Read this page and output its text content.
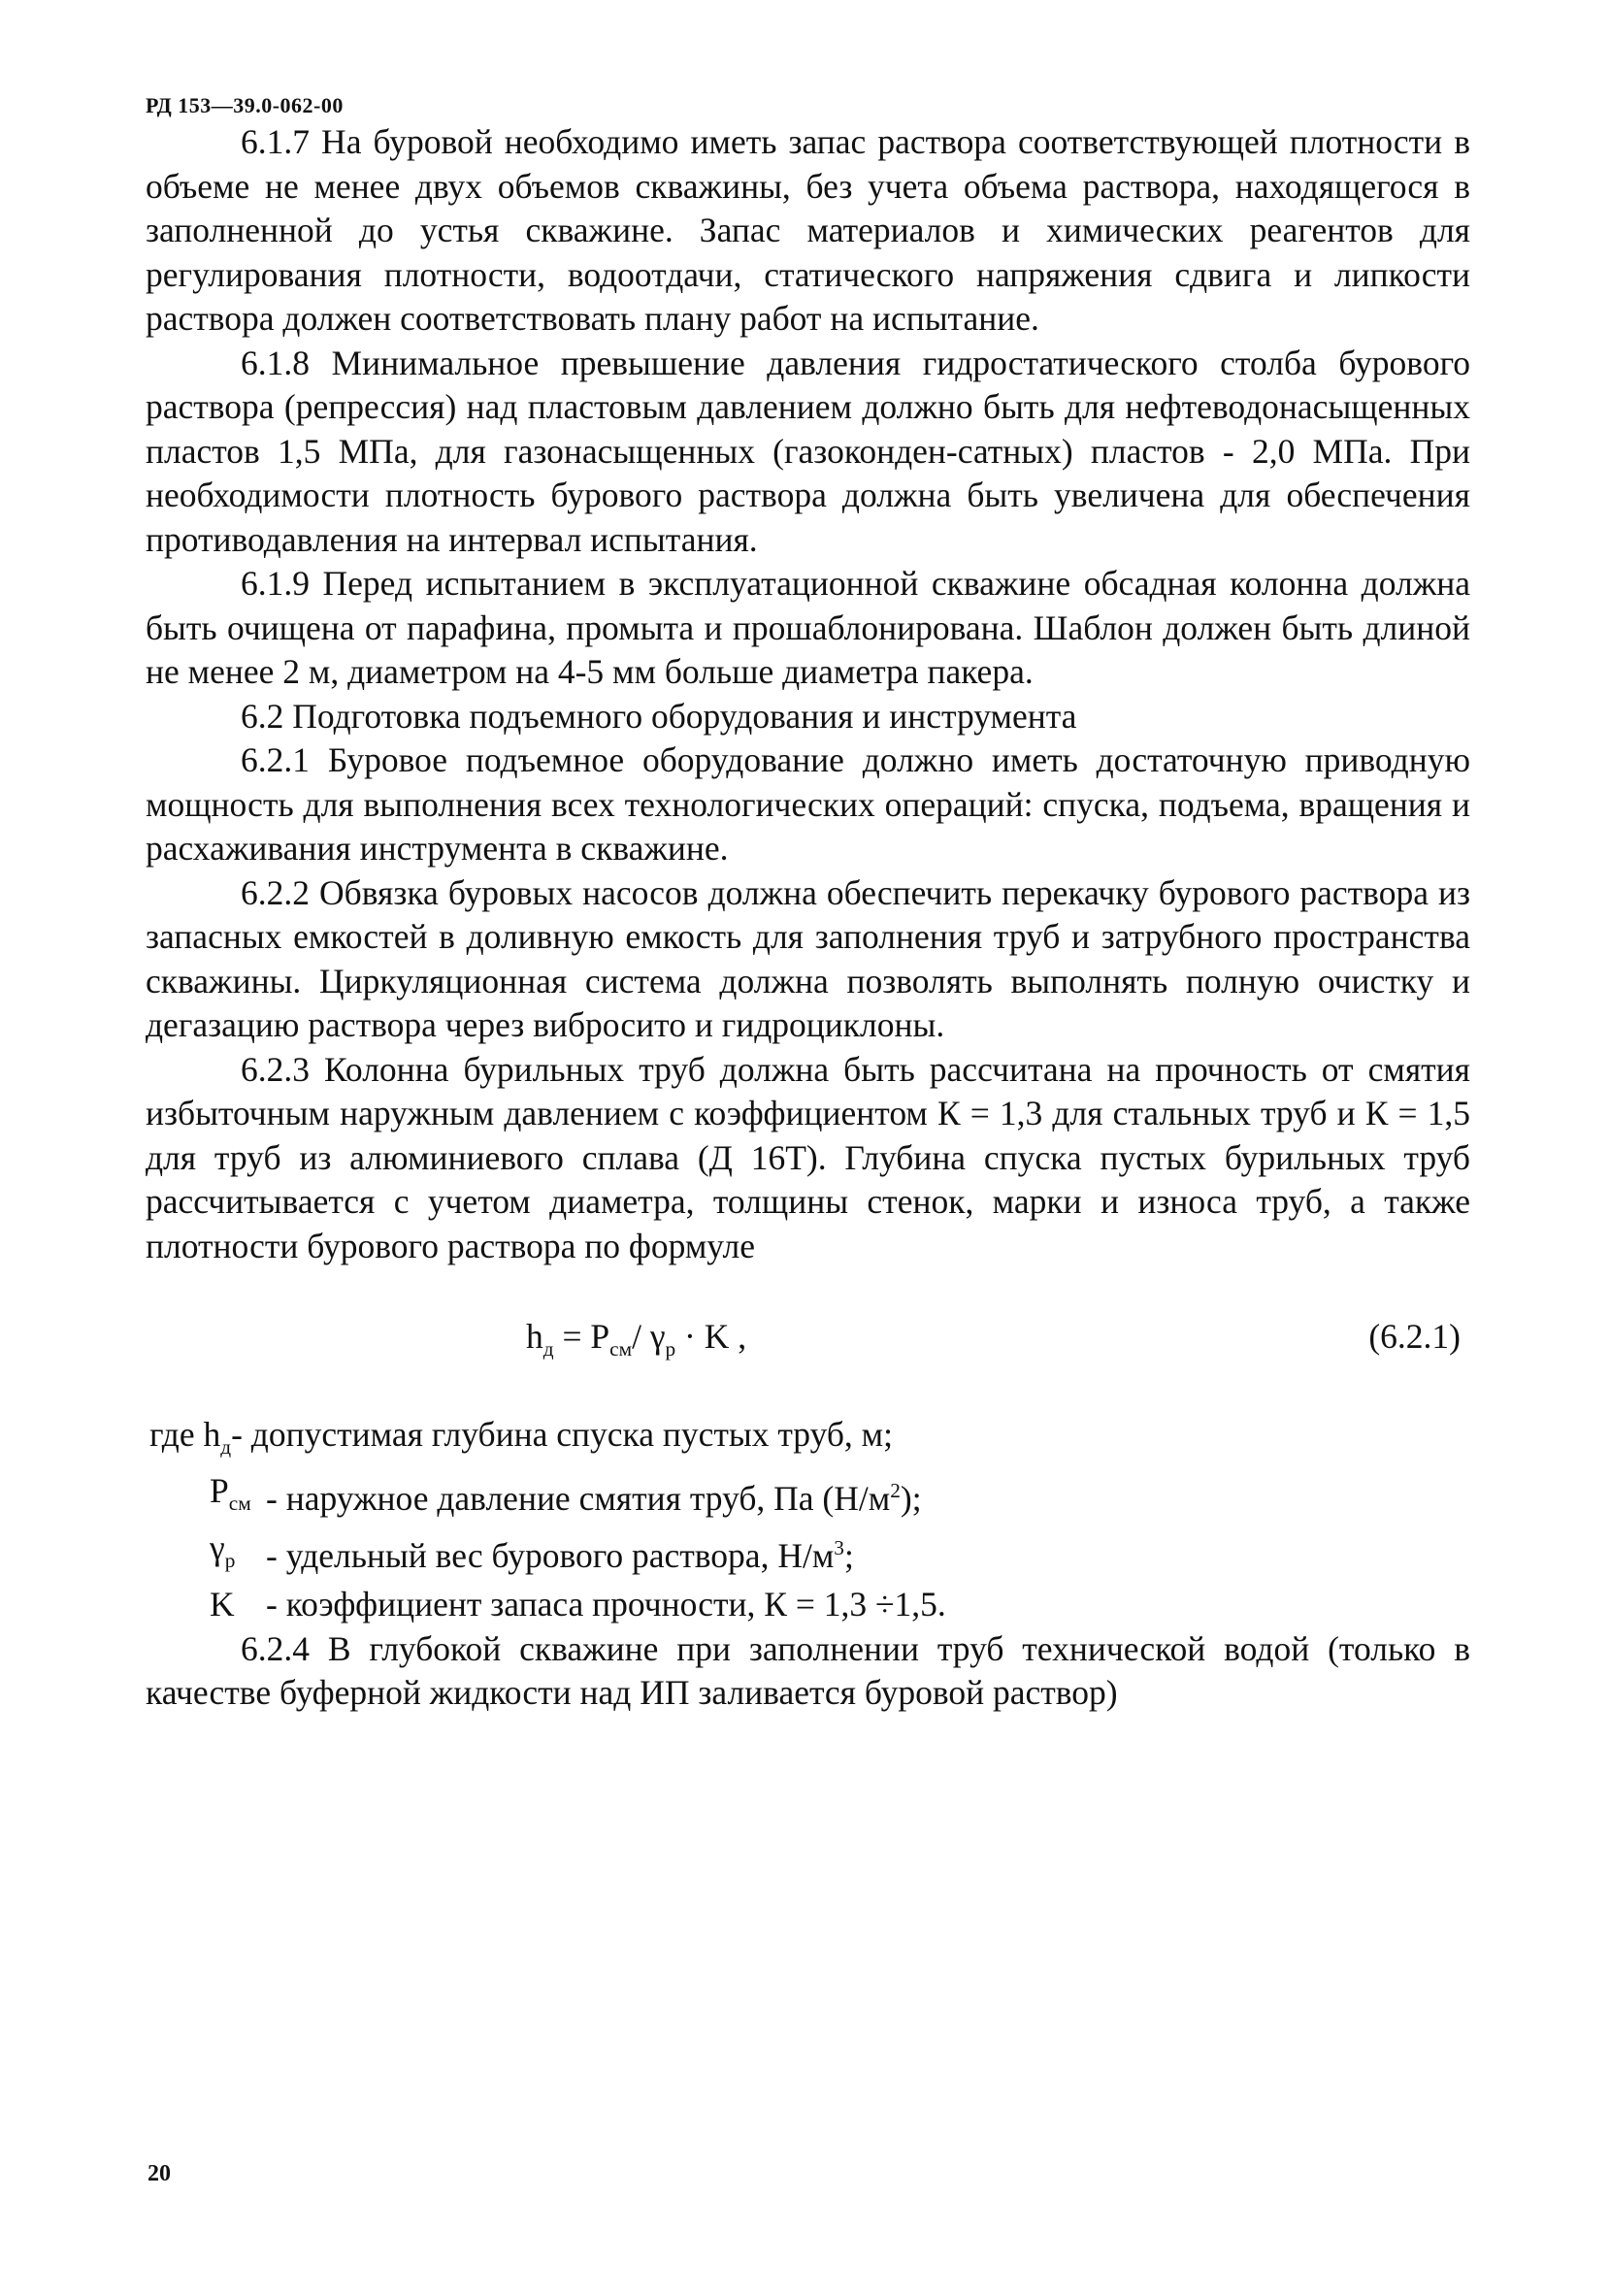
РД 153—39.0-062-00

6.1.7 На буровой необходимо иметь запас раствора соответствующей плотности в объеме не менее двух объемов скважины, без учета объема раствора, находящегося в заполненной до устья скважине. Запас материалов и химических реагентов для регулирования плотности, водоотдачи, статического напряжения сдвига и липкости раствора должен соответствовать плану работ на испытание.

6.1.8 Минимальное превышение давления гидростатического столба бурового раствора (репрессия) над пластовым давлением должно быть для нефтеводонасыщенных пластов 1,5 МПа, для газонасыщенных (газоконден-сатных) пластов - 2,0 МПа. При необходимости плотность бурового раствора должна быть увеличена для обеспечения противодавления на интервал испытания.

6.1.9 Перед испытанием в эксплуатационной скважине обсадная колонна должна быть очищена от парафина, промыта и прошаблонирована. Шаблон должен быть длиной не менее 2 м, диаметром на 4-5 мм больше диаметра пакера.

6.2 Подготовка подъемного оборудования и инструмента

6.2.1 Буровое подъемное оборудование должно иметь достаточную приводную мощность для выполнения всех технологических операций: спуска, подъема, вращения и расхаживания инструмента в скважине.

6.2.2 Обвязка буровых насосов должна обеспечить перекачку бурового раствора из запасных емкостей в доливную емкость для заполнения труб и затрубного пространства скважины. Циркуляционная система должна позволять выполнять полную очистку и дегазацию раствора через вибросито и гидроциклоны.

6.2.3 Колонна бурильных труб должна быть рассчитана на прочность от смятия избыточным наружным давлением с коэффициентом К = 1,3 для стальных труб и К = 1,5 для труб из алюминиевого сплава (Д 16Т). Глубина спуска пустых бурильных труб рассчитывается с учетом диаметра, толщины стенок, марки и износа труб, а также плотности бурового раствора по формуле

$h_д = P_{см}/$ $\gamma_р \cdot K$ ,	(6.2.1)
где $h_д$ - допустимая глубина спуска пустых труб, м;
$P_{см}$ - наружное давление смятия труб, Па $(Н/м^2)$;
$\gamma_р$ - удельный вес бурового раствора, $Н/м^3$;
K - коэффициент запаса прочности, К = 1,3 ÷1,5.

6.2.4 В глубокой скважине при заполнении труб технической водой (только в качестве буферной жидкости над ИП заливается буровой раствор)

20
